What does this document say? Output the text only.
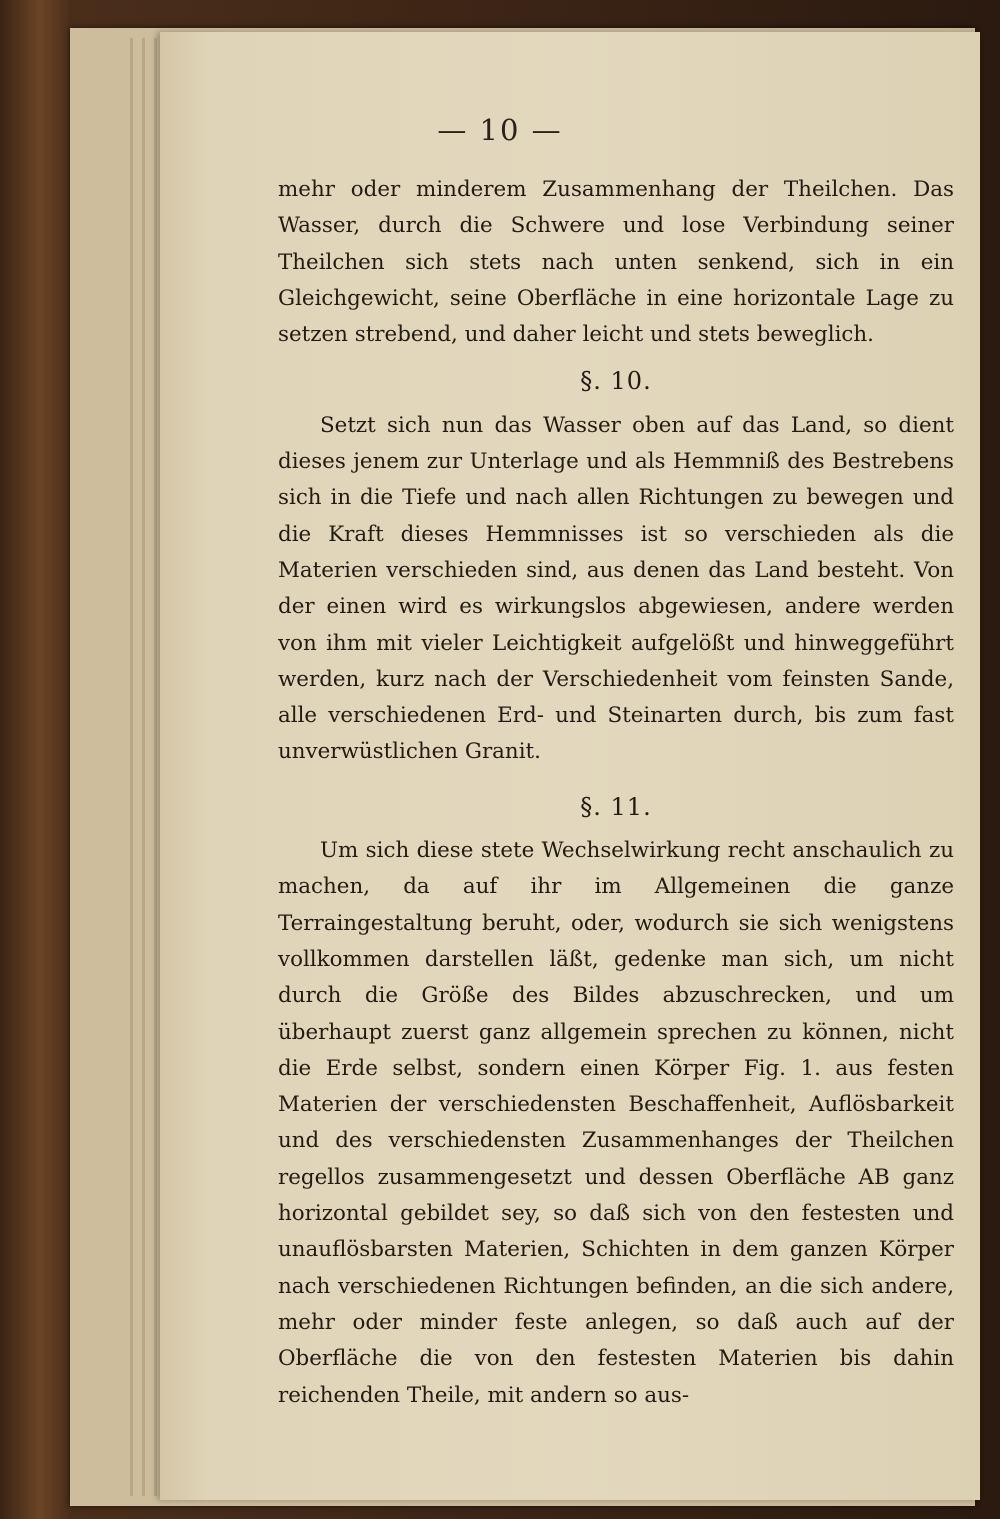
— 10 —

mehr oder minderem Zusammenhang der Theilchen. Das Wasser, durch die Schwere und lose Verbindung seiner Theilchen sich stets nach unten senkend, sich in ein Gleichgewicht, seine Oberfläche in eine horizontale Lage zu setzen strebend, und daher leicht und stets beweglich.

§. 10.

Setzt sich nun das Wasser oben auf das Land, so dient dieses jenem zur Unterlage und als Hemmniß des Bestrebens sich in die Tiefe und nach allen Richtungen zu bewegen und die Kraft dieses Hemmnisses ist so verschieden als die Materien verschieden sind, aus denen das Land besteht. Von der einen wird es wirkungslos abgewiesen, andere werden von ihm mit vieler Leichtigkeit aufgelößt und hinweggeführt werden, kurz nach der Verschiedenheit vom feinsten Sande, alle verschiedenen Erd- und Steinarten durch, bis zum fast unverwüstlichen Granit.

§. 11.

Um sich diese stete Wechselwirkung recht anschaulich zu machen, da auf ihr im Allgemeinen die ganze Terraingestaltung beruht, oder, wodurch sie sich wenigstens vollkommen darstellen läßt, gedenke man sich, um nicht durch die Größe des Bildes abzuschrecken, und um überhaupt zuerst ganz allgemein sprechen zu können, nicht die Erde selbst, sondern einen Körper Fig. 1. aus festen Materien der verschiedensten Beschaffenheit, Auflösbarkeit und des verschiedensten Zusammenhanges der Theilchen regellos zusammengesetzt und dessen Oberfläche AB ganz horizontal gebildet sey, so daß sich von den festesten und unauflösbarsten Materien, Schichten in dem ganzen Körper nach verschiedenen Richtungen befinden, an die sich andere, mehr oder minder feste anlegen, so daß auch auf der Oberfläche die von den festesten Materien bis dahin reichenden Theile, mit andern so aus-
